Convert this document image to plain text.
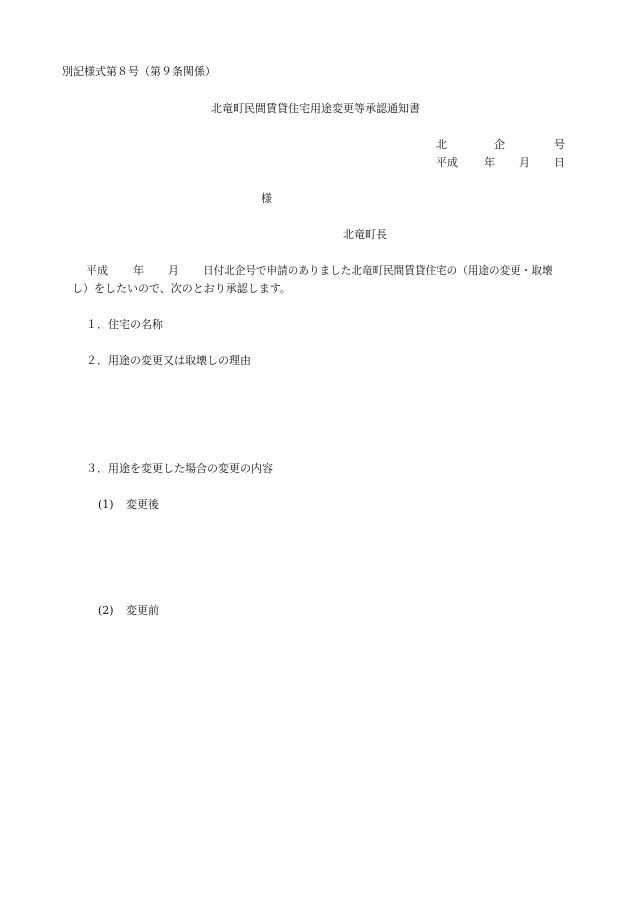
別記様式第８号（第９条関係）
北竜町民間賃貸住宅用途変更等承認通知書
北	企	号
平成 年 月 日
様
北竜町長
平成 年 月 日付北企号で申請のありました北竜町民間賃貸住宅の（用途の変更・取壊
し）をしたいので、次のとおり承認します。
１．住宅の名称
２．用途の変更又は取壊しの理由
３．用途を変更した場合の変更の内容
(1) 変更後
(2) 変更前
